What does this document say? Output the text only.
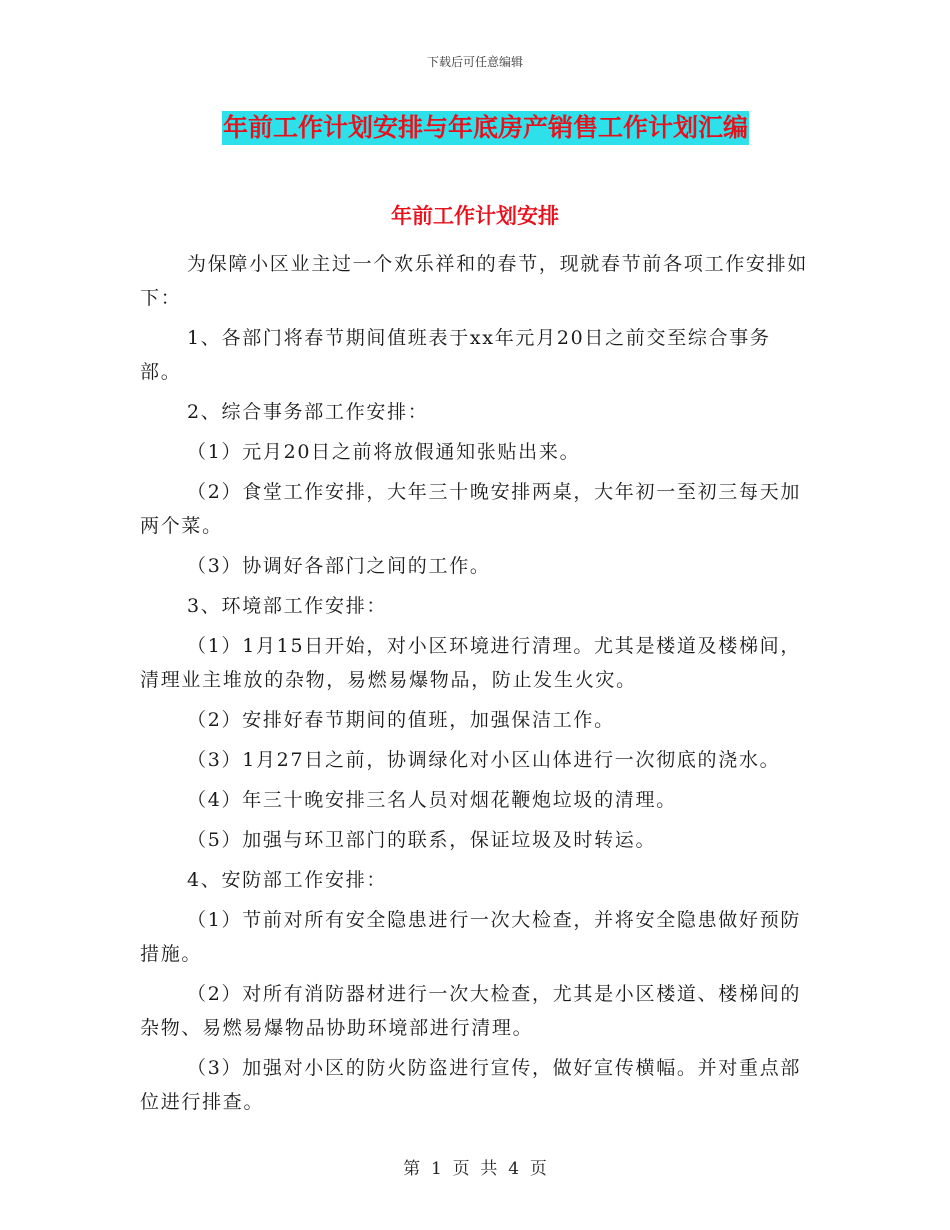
下载后可任意编辑
年前工作计划安排与年底房产销售工作计划汇编
年前工作计划安排

为保障小区业主过一个欢乐祥和的春节，现就春节前各项工作安排如下：

1、各部门将春节期间值班表于xx年元月20日之前交至综合事务部。

2、综合事务部工作安排：

（1）元月20日之前将放假通知张贴出来。

（2）食堂工作安排，大年三十晚安排两桌，大年初一至初三每天加两个菜。

（3）协调好各部门之间的工作。

3、环境部工作安排：

（1）1月15日开始，对小区环境进行清理。尤其是楼道及楼梯间，清理业主堆放的杂物，易燃易爆物品，防止发生火灾。

（2）安排好春节期间的值班，加强保洁工作。

（3）1月27日之前，协调绿化对小区山体进行一次彻底的浇水。

（4）年三十晚安排三名人员对烟花鞭炮垃圾的清理。

（5）加强与环卫部门的联系，保证垃圾及时转运。

4、安防部工作安排：

（1）节前对所有安全隐患进行一次大检查，并将安全隐患做好预防措施。

（2）对所有消防器材进行一次大检查，尤其是小区楼道、楼梯间的杂物、易燃易爆物品协助环境部进行清理。

（3）加强对小区的防火防盗进行宣传，做好宣传横幅。并对重点部位进行排查。

第  1  页  共  4  页
